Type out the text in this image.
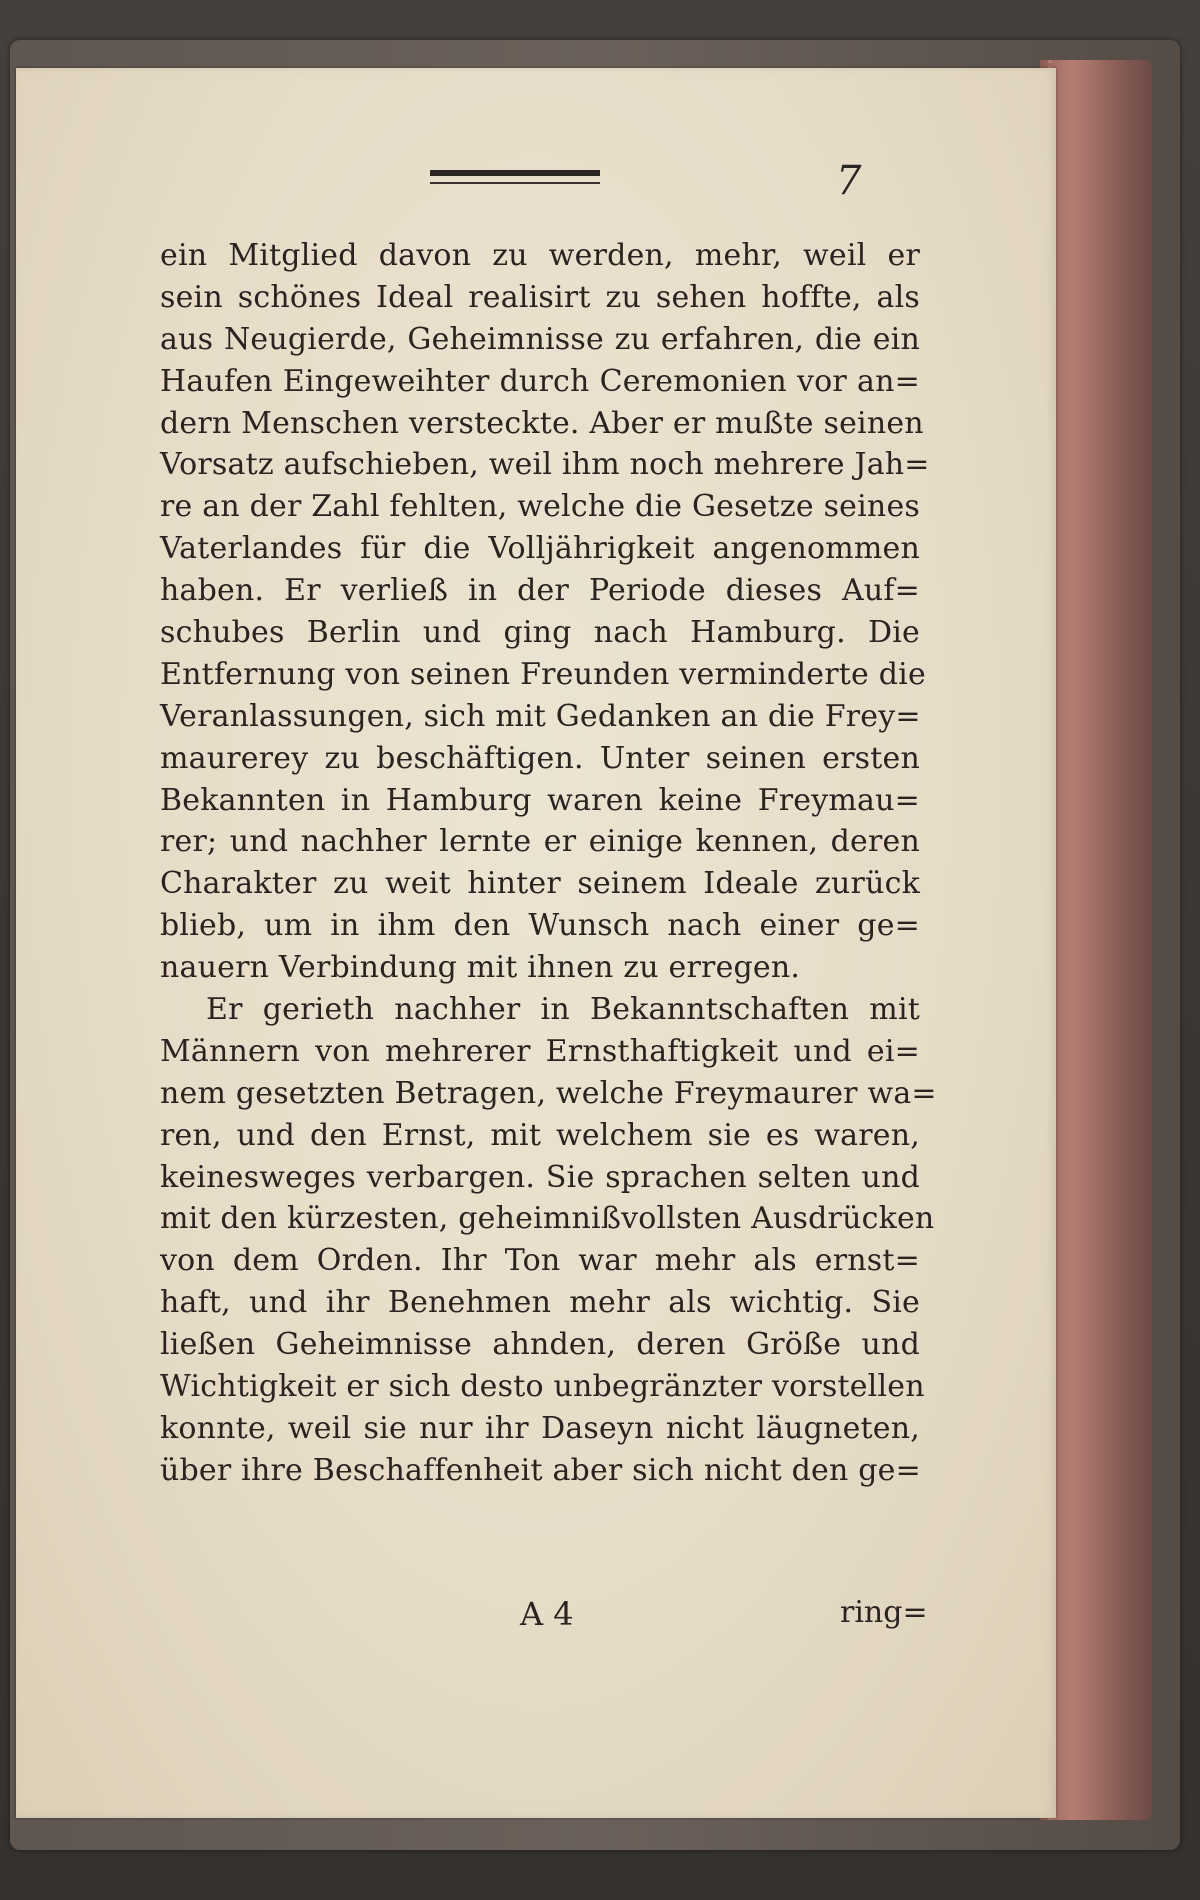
7
ein Mitglied davon zu werden, mehr, weil er
sein schönes Ideal realisirt zu sehen hoffte, als
aus Neugierde, Geheimnisse zu erfahren, die ein
Haufen Eingeweihter durch Ceremonien vor an=
dern Menschen versteckte. Aber er mußte seinen
Vorsatz aufschieben, weil ihm noch mehrere Jah=
re an der Zahl fehlten, welche die Gesetze seines
Vaterlandes für die Volljährigkeit angenommen
haben. Er verließ in der Periode dieses Auf=
schubes Berlin und ging nach Hamburg. Die
Entfernung von seinen Freunden verminderte die
Veranlassungen, sich mit Gedanken an die Frey=
maurerey zu beschäftigen. Unter seinen ersten
Bekannten in Hamburg waren keine Freymau=
rer; und nachher lernte er einige kennen, deren
Charakter zu weit hinter seinem Ideale zurück
blieb, um in ihm den Wunsch nach einer ge=
nauern Verbindung mit ihnen zu erregen.
Er gerieth nachher in Bekanntschaften mit
Männern von mehrerer Ernsthaftigkeit und ei=
nem gesetzten Betragen, welche Freymaurer wa=
ren, und den Ernst, mit welchem sie es waren,
keinesweges verbargen. Sie sprachen selten und
mit den kürzesten, geheimnißvollsten Ausdrücken
von dem Orden. Ihr Ton war mehr als ernst=
haft, und ihr Benehmen mehr als wichtig. Sie
ließen Geheimnisse ahnden, deren Größe und
Wichtigkeit er sich desto unbegränzter vorstellen
konnte, weil sie nur ihr Daseyn nicht läugneten,
über ihre Beschaffenheit aber sich nicht den ge=
A 4	ring=
